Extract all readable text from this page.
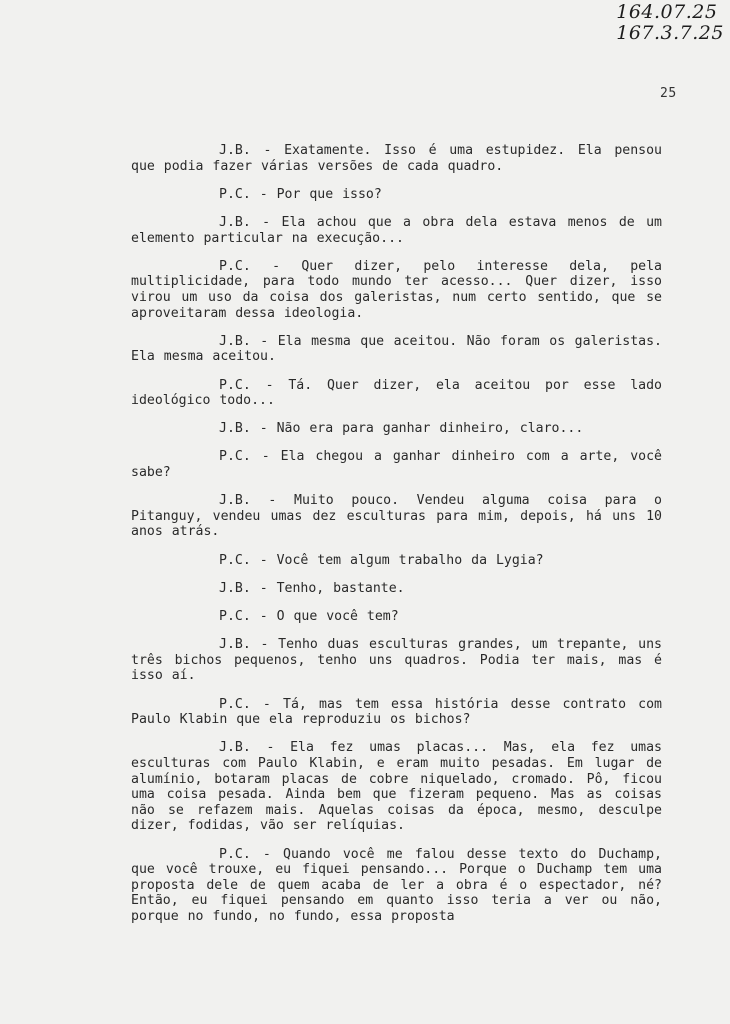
164.07.25
167.3.7.25
25

J.B. - Exatamente. Isso é uma estupidez. Ela pensou que podia fazer várias versões de cada quadro.

P.C. - Por que isso?

J.B. - Ela achou que a obra dela estava menos de um elemento particular na execução...

P.C. - Quer dizer, pelo interesse dela, pela multiplicidade, para todo mundo ter acesso... Quer dizer, isso virou um uso da coisa dos galeristas, num certo sentido, que se aproveitaram dessa ideologia.

J.B. - Ela mesma que aceitou. Não foram os galeristas. Ela mesma aceitou.

P.C. - Tá. Quer dizer, ela aceitou por esse lado ideológico todo...

J.B. - Não era para ganhar dinheiro, claro...

P.C. - Ela chegou a ganhar dinheiro com a arte, você sabe?

J.B. - Muito pouco. Vendeu alguma coisa para o Pitanguy, vendeu umas dez esculturas para mim, depois, há uns 10 anos atrás.

P.C. - Você tem algum trabalho da Lygia?

J.B. - Tenho, bastante.

P.C. - O que você tem?

J.B. - Tenho duas esculturas grandes, um trepante, uns três bichos pequenos, tenho uns quadros. Podia ter mais, mas é isso aí.

P.C. - Tá, mas tem essa história desse contrato com Paulo Klabin que ela reproduziu os bichos?

J.B. - Ela fez umas placas... Mas, ela fez umas esculturas com Paulo Klabin, e eram muito pesadas. Em lugar de alumínio, botaram placas de cobre niquelado, cromado. Pô, ficou uma coisa pesada. Ainda bem que fizeram pequeno. Mas as coisas não se refazem mais. Aquelas coisas da época, mesmo, desculpe dizer, fodidas, vão ser relíquias.

P.C. - Quando você me falou desse texto do Duchamp, que você trouxe, eu fiquei pensando... Porque o Duchamp tem uma proposta dele de quem acaba de ler a obra é o espectador, né? Então, eu fiquei pensando em quanto isso teria a ver ou não, porque no fundo, no fundo, essa proposta
